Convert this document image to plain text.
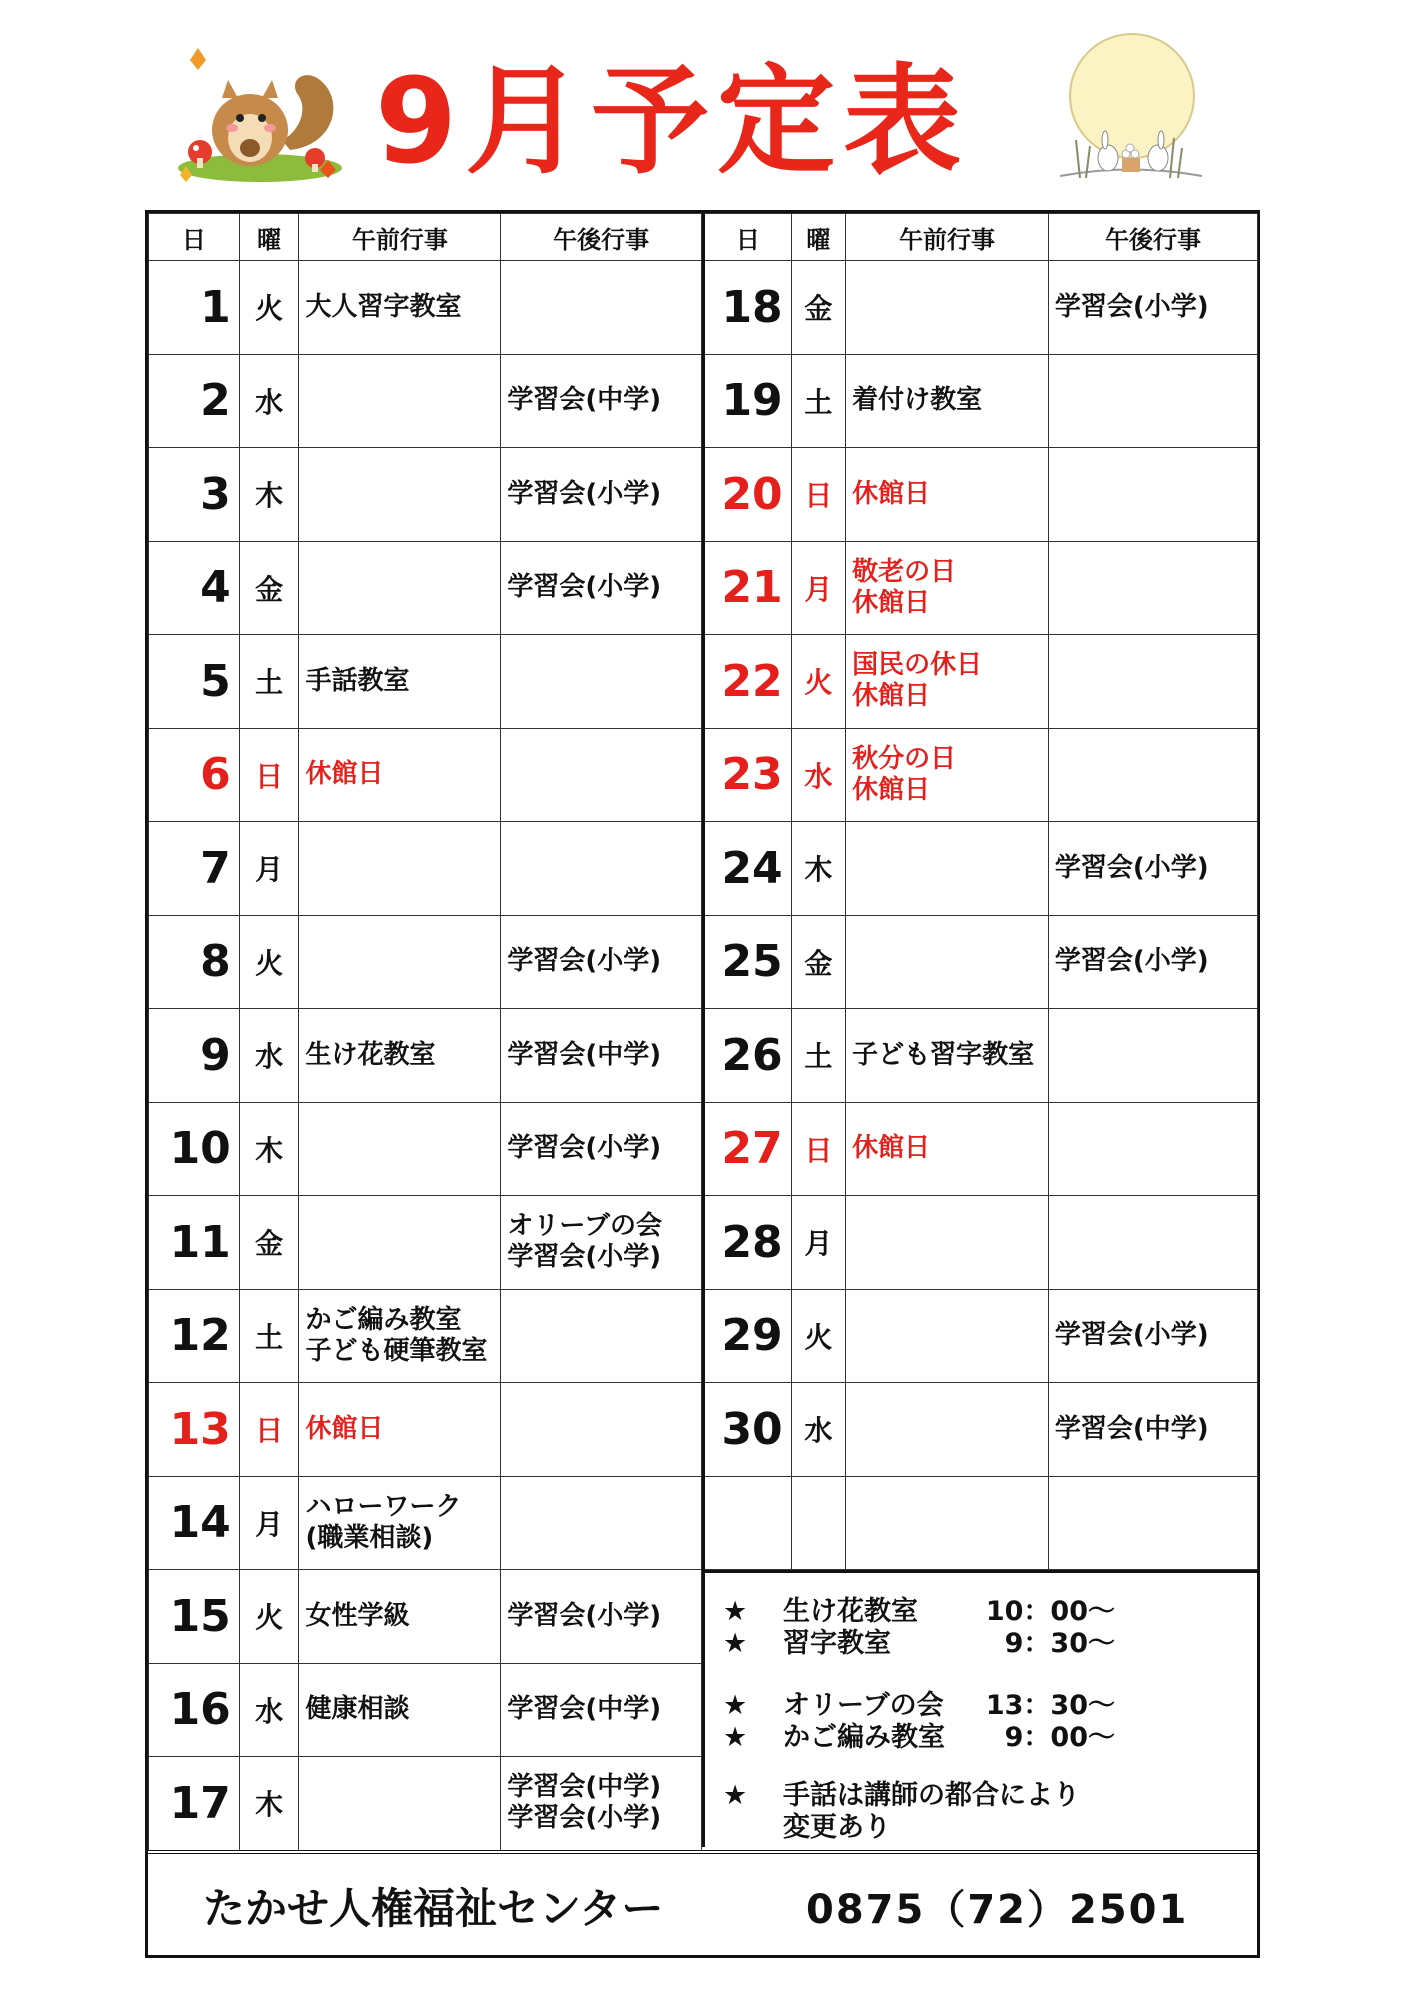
9月予定表
日	曜	午前行事	午後行事
1	火	大人習字教室	

2	水		学習会(中学)

3	木		学習会(小学)

4	金		学習会(小学)

5	土	手話教室	

6	日	休館日	

7	月		
8	火		学習会(小学)

9	水	生け花教室	学習会(中学)

10	木		学習会(小学)

11	金		オリーブの会
学習会(小学)

12	土	かご編み教室
子ども硬筆教室	

13	日	休館日	

14	月	ハローワーク
(職業相談)	

15	火	女性学級	学習会(小学)

16	水	健康相談	学習会(中学)

17	木		学習会(中学)
学習会(小学)
日	曜	午前行事	午後行事
18	金		学習会(小学)

19	土	着付け教室	

20	日	休館日	

21	月	敬老の日
休館日	

22	火	国民の休日
休館日	

23	水	秋分の日
休館日	

24	木		学習会(小学)

25	金		学習会(小学)

26	土	子ども習字教室	

27	日	休館日	

28	月		
29	火		学習会(小学)

30	水		学習会(中学)

★ 生け花教室	10：00〜
★ 習字教室	9：30〜
★ オリーブの会 13：30〜
★ かご編み教室 9：00〜
★ 手話は講師の都合により
変更あり
たかせ人権福祉センター	0875（72）2501
